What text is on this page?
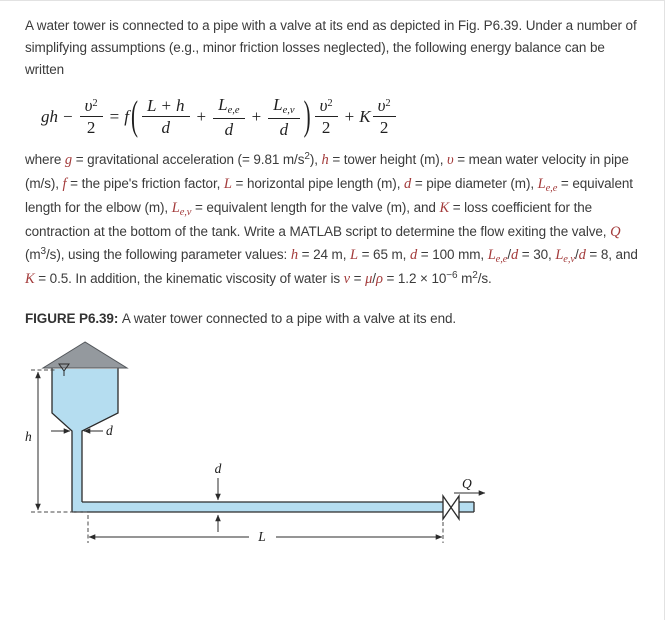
A water tower is connected to a pipe with a valve at its end as depicted in Fig. P6.39. Under a number of simplifying assumptions (e.g., minor friction losses neglected), the following energy balance can be written

gh − $\frac{\upsilon^2}{2} = f$ ( $\frac{L + h}{d} + \frac{Le,e}{d} + \frac{Le,v}{d}$ ) $\frac{\upsilon^2}{2} + K \frac{\upsilon^2}{2}$

where g = gravitational acceleration (= 9.81 $m/s^2$), h = tower height (m), υ = mean water velocity in pipe (m/s), f = the pipe's friction factor, L = horizontal pipe length (m), d = pipe diameter (m), $L_{e,e}$ = equivalent length for the elbow (m), $L_{e,v}$ = equivalent length for the valve (m), and K = loss coefficient for the contraction at the bottom of the tank. Write a MATLAB script to determine the flow exiting the valve, Q $(m^3/s)$, using the following parameter values: h = 24 m, L = 65 m, d = 100 mm, $L_{e,e}/d = 30$, $L_{e,v}/d = 8$, and K = 0.5. In addition, the kinematic viscosity of water is $\nu = \mu/\rho = 1.2 \times 10^{-6}$ $m^2/s$.

FIGURE P6.39: A water tower connected to a pipe with a valve at its end.

h	d
d
L
Q
